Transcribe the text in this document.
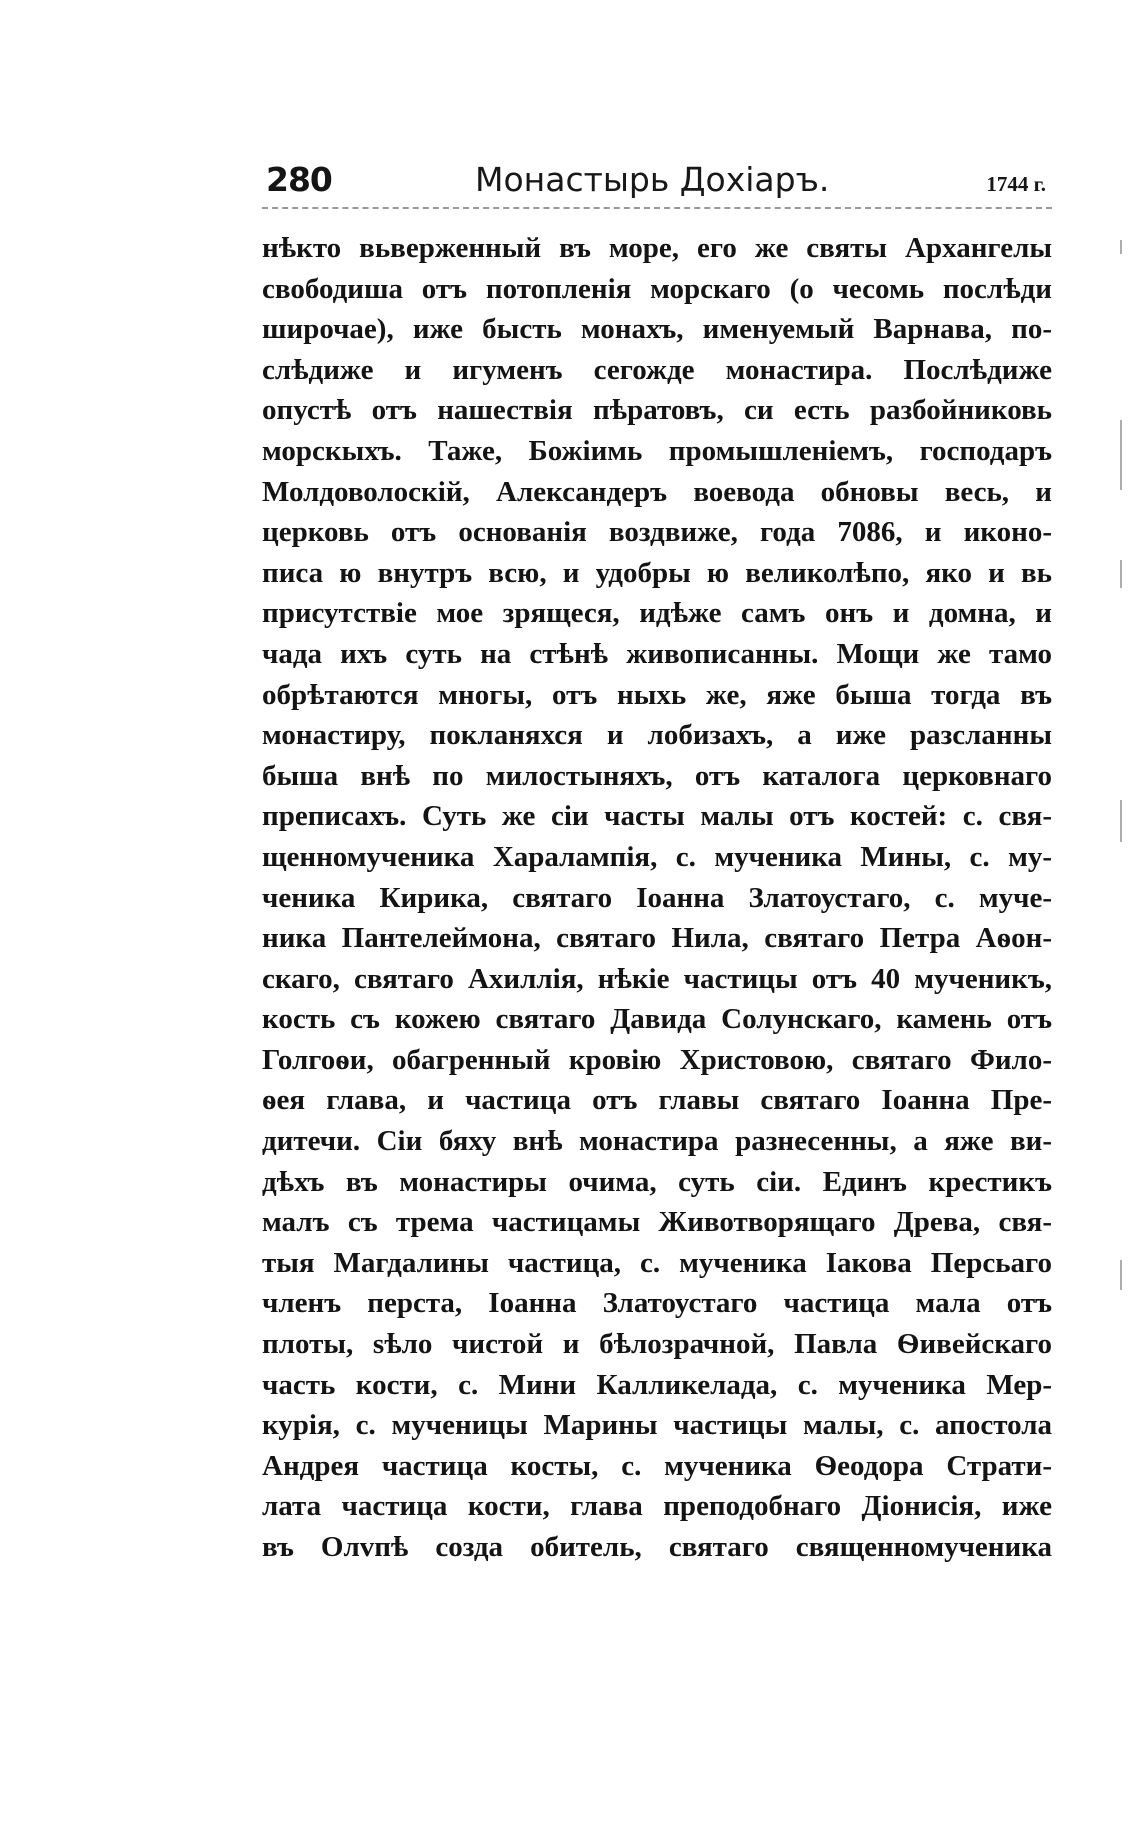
280	Монастырь Дохіаръ.	1744 г.
нѣкто вьверженный въ море, его же святы Архангелы
свободиша отъ потопленія морскаго (о чесомь послѣди
широчае), иже бысть монахъ, именуемый Варнава, по-
слѣдиже и игуменъ сегожде монастира. Послѣдиже
опустѣ отъ нашествія пѣратовъ, си есть разбойниковь
морскыхъ. Таже, Божіимь промышленіемъ, господаръ
Молдоволоскій, Александеръ воевода обновы весь, и
церковь отъ основанія воздвиже, года 7086, и иконо-
писа ю внутръ всю, и удобры ю великолѣпо, яко и вь
присутствіе мое зрящеся, идѣже самъ онъ и домна, и
чада ихъ суть на стѣнѣ живописанны. Мощи же тамо
обрѣтаются многы, отъ ныхь же, яже быша тогда въ
монастиру, покланяхся и лобизахъ, а иже разсланны
быша внѣ по милостыняхъ, отъ каталога церковнаго
преписахъ. Суть же сіи часты малы отъ костей: с. свя-
щенномученика Харалампія, с. мученика Мины, с. му-
ченика Кирика, святаго Іоанна Златоустаго, с. муче-
ника Пантелеймона, святаго Нила, святаго Петра Аѳон-
скаго, святаго Ахиллія, нѣкіе частицы отъ 40 мученикъ,
кость съ кожею святаго Давида Солунскаго, камень отъ
Голгоѳи, обагренный кровію Христовою, святаго Фило-
ѳея глава, и частица отъ главы святаго Іоанна Пре-
дитечи. Сіи бяху внѣ монастира разнесенны, а яже ви-
дѣхъ въ монастиры очима, суть сіи. Единъ крестикъ
малъ съ трема частицамы Животворящаго Древа, свя-
тыя Магдалины частица, с. мученика Іакова Персьаго
членъ перста, Іоанна Златоустаго частица мала отъ
плоты, ѕѣло чистой и бѣлозрачной, Павла Ѳивейскаго
часть кости, с. Мини Калликелада, с. мученика Мер-
курія, с. мученицы Марины частицы малы, с. апостола
Андрея частица косты, с. мученика Ѳеодора Страти-
лата частица кости, глава преподобнаго Діонисія, иже
въ Олvпѣ созда обитель, святаго священномученика
